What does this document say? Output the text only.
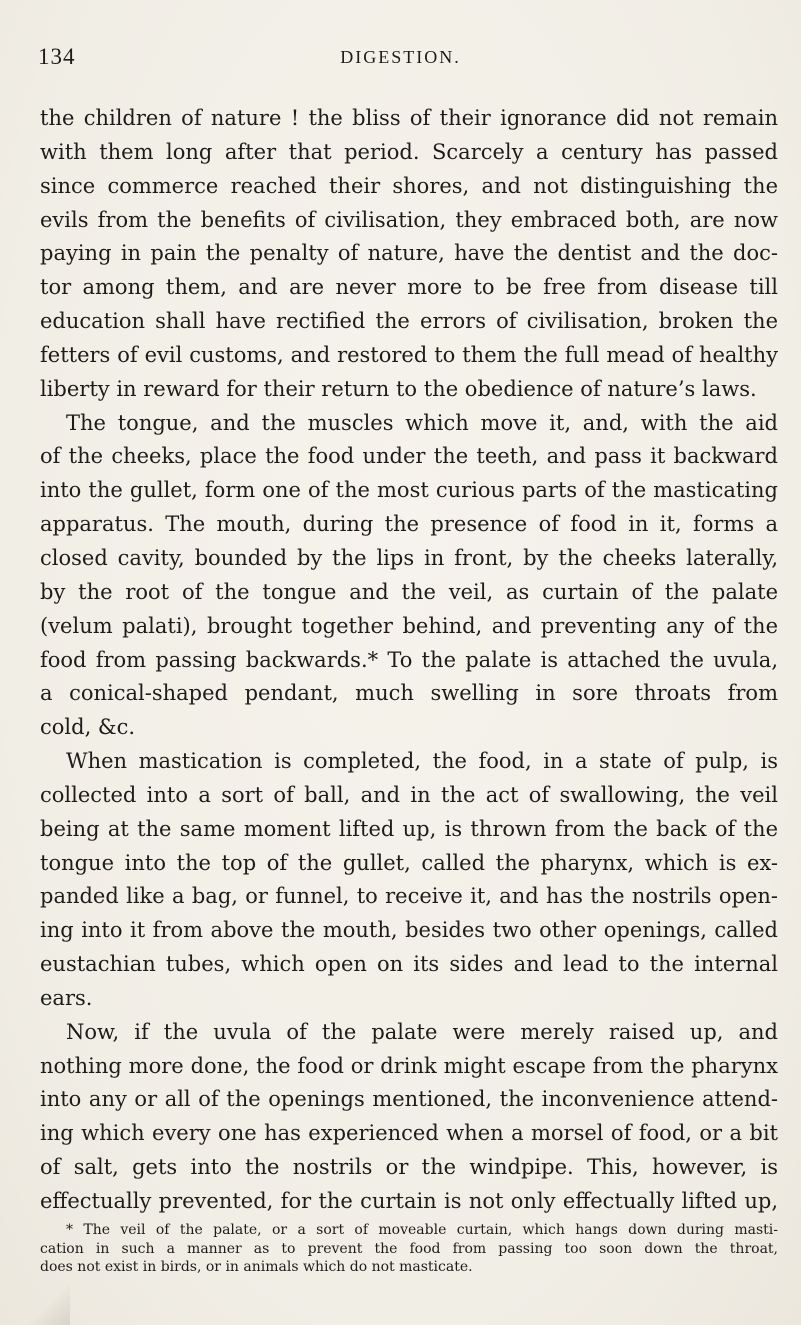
134	DIGESTION.
the children of nature ! the bliss of their ignorance did not remain
with them long after that period. Scarcely a century has passed
since commerce reached their shores, and not distinguishing the
evils from the benefits of civilisation, they embraced both, are now
paying in pain the penalty of nature, have the dentist and the doc-
tor among them, and are never more to be free from disease till
education shall have rectified the errors of civilisation, broken the
fetters of evil customs, and restored to them the full mead of healthy
liberty in reward for their return to the obedience of nature’s laws.
The tongue, and the muscles which move it, and, with the aid
of the cheeks, place the food under the teeth, and pass it backward
into the gullet, form one of the most curious parts of the masticating
apparatus. The mouth, during the presence of food in it, forms a
closed cavity, bounded by the lips in front, by the cheeks laterally,
by the root of the tongue and the veil, as curtain of the palate
(velum palati), brought together behind, and preventing any of the
food from passing backwards.* To the palate is attached the uvula,
a conical-shaped pendant, much swelling in sore throats from
cold, &c.
When mastication is completed, the food, in a state of pulp, is
collected into a sort of ball, and in the act of swallowing, the veil
being at the same moment lifted up, is thrown from the back of the
tongue into the top of the gullet, called the pharynx, which is ex-
panded like a bag, or funnel, to receive it, and has the nostrils open-
ing into it from above the mouth, besides two other openings, called
eustachian tubes, which open on its sides and lead to the internal
ears.
Now, if the uvula of the palate were merely raised up, and
nothing more done, the food or drink might escape from the pharynx
into any or all of the openings mentioned, the inconvenience attend-
ing which every one has experienced when a morsel of food, or a bit
of salt, gets into the nostrils or the windpipe. This, however, is
effectually prevented, for the curtain is not only effectually lifted up,
* The veil of the palate, or a sort of moveable curtain, which hangs down during masti-
cation in such a manner as to prevent the food from passing too soon down the throat,
does not exist in birds, or in animals which do not masticate.
